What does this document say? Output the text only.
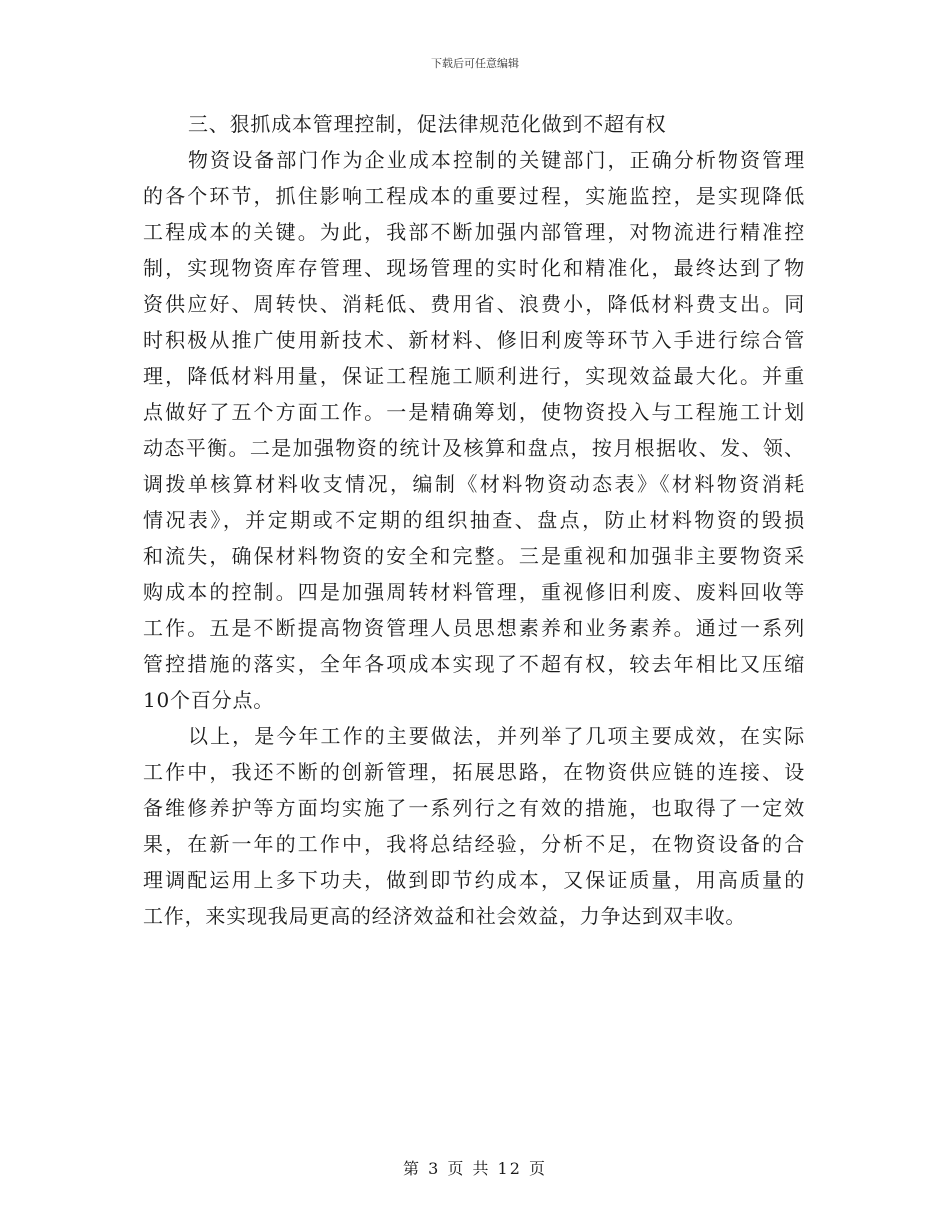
下载后可任意编辑
三、狠抓成本管理控制，促法律规范化做到不超有权
物资设备部门作为企业成本控制的关键部门，正确分析物资管理
的各个环节，抓住影响工程成本的重要过程，实施监控，是实现降低
工程成本的关键。为此，我部不断加强内部管理，对物流进行精准控
制，实现物资库存管理、现场管理的实时化和精准化，最终达到了物
资供应好、周转快、消耗低、费用省、浪费小，降低材料费支出。同
时积极从推广使用新技术、新材料、修旧利废等环节入手进行综合管
理，降低材料用量，保证工程施工顺利进行，实现效益最大化。并重
点做好了五个方面工作。一是精确筹划，使物资投入与工程施工计划
动态平衡。二是加强物资的统计及核算和盘点，按月根据收、发、领、
调拨单核算材料收支情况，编制《材料物资动态表》《材料物资消耗
情况表》，并定期或不定期的组织抽查、盘点，防止材料物资的毁损
和流失，确保材料物资的安全和完整。三是重视和加强非主要物资采
购成本的控制。四是加强周转材料管理，重视修旧利废、废料回收等
工作。五是不断提高物资管理人员思想素养和业务素养。通过一系列
管控措施的落实，全年各项成本实现了不超有权，较去年相比又压缩
10个百分点。
以上，是今年工作的主要做法，并列举了几项主要成效，在实际
工作中，我还不断的创新管理，拓展思路，在物资供应链的连接、设
备维修养护等方面均实施了一系列行之有效的措施，也取得了一定效
果，在新一年的工作中，我将总结经验，分析不足，在物资设备的合
理调配运用上多下功夫，做到即节约成本，又保证质量，用高质量的
工作，来实现我局更高的经济效益和社会效益，力争达到双丰收。
第 3 页 共 12 页
